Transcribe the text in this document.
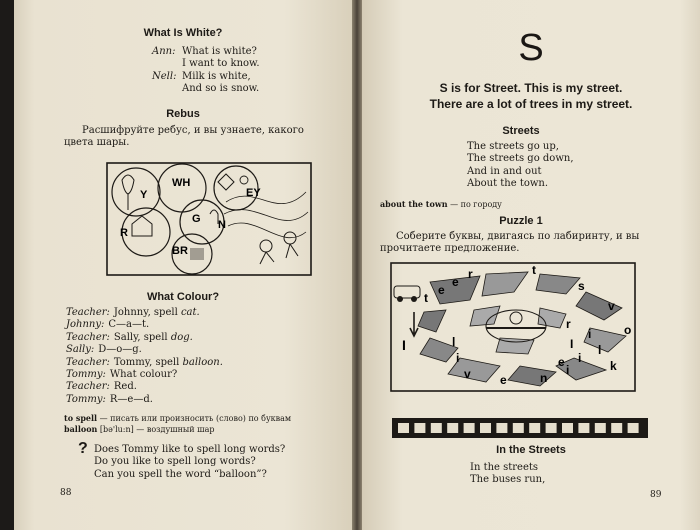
What Is White?
Ann: What is white?
I want to know.
Nell: Milk is white,
And so is snow.
Rebus
Расшифруйте ребус, и вы узнаете, какого цвета шары.
Y
WH
EY
R
G N
BR
What Colour?
Teacher: Johnny, spell cat.
Johnny: C—a—t.
Teacher: Sally, spell dog.
Sally: D—o—g.
Teacher: Tommy, spell balloon.
Tommy: What colour?
Teacher: Red.
Tommy: R—e—d.
to spell — писать или произносить (слово) по буквам
balloon [bə'lu:n] — воздушный шар
? Does Tommy like to spell long words?
Do you like to spell long words?
Can you spell the word “balloon”?
88
S
S is for Street. This is my street.
There are a lot of trees in my street.
Streets
The streets go up,
The streets go down,
And in and out
About the town.
about the town — по городу
Puzzle 1
Соберите буквы, двигаясь по лабиринту, и вы прочитаете предложение.
t
e
e
r	t
s
v
o
r
I
i
l
i
k
i
e
n
e
v
i
l
I
In the Streets
In the streets
The buses run,
89
